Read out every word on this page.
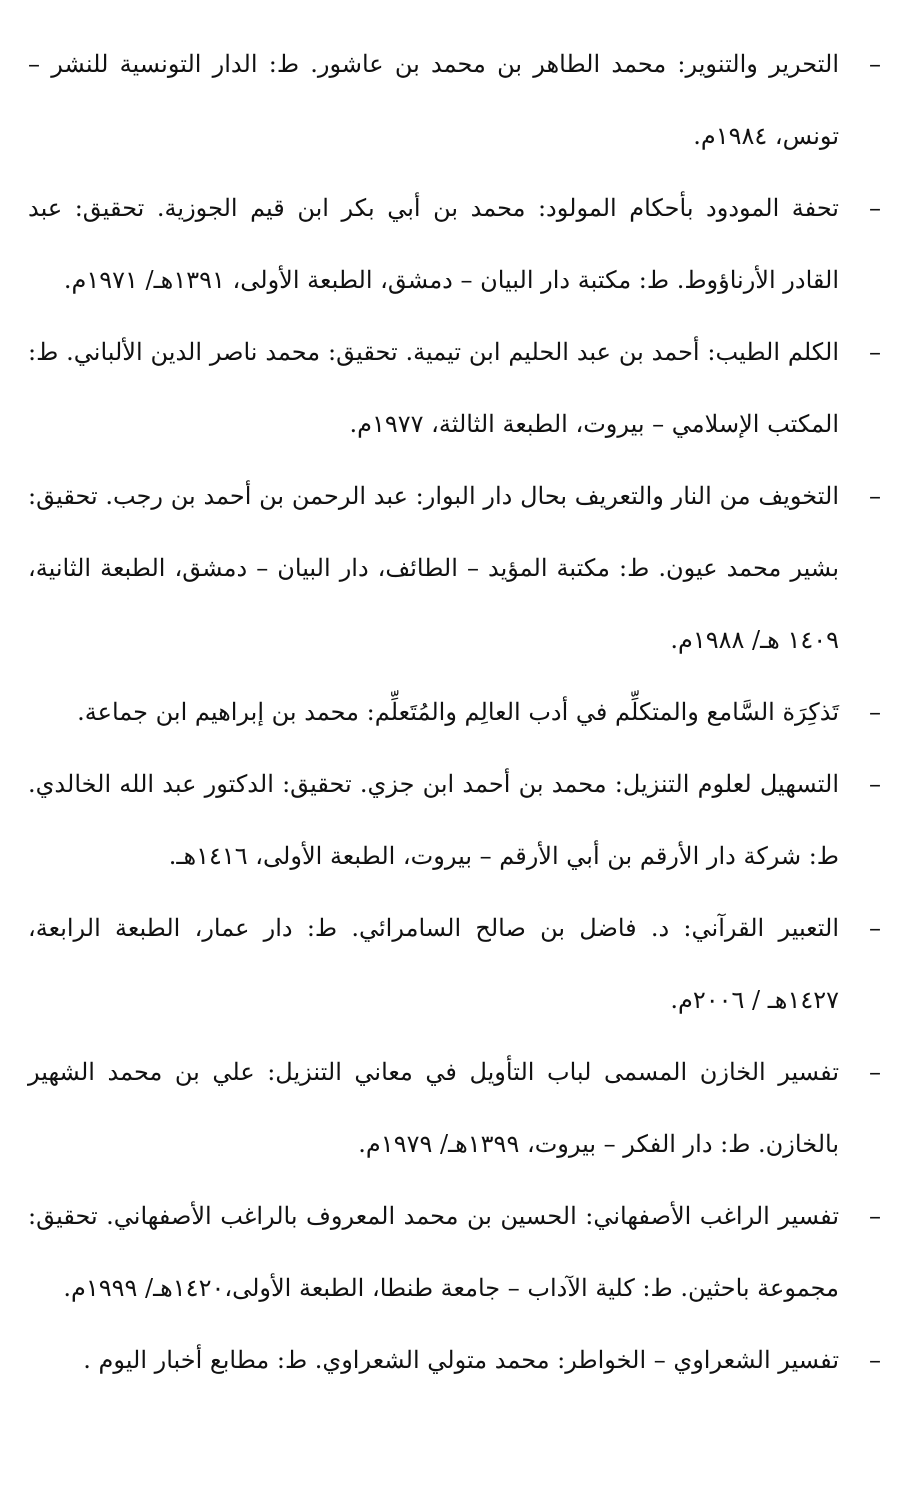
–
التحرير والتنوير: محمد الطاهر بن محمد بن عاشور. ط: الدار التونسية للنشر – تونس، ١٩٨٤م.
–
تحفة المودود بأحكام المولود: محمد بن أبي بكر ابن قيم الجوزية. تحقيق: عبد القادر الأرناؤوط. ط: مكتبة دار البيان – دمشق، الطبعة الأولى، ١٣٩١هـ/ ١٩٧١م.
–
الكلم الطيب: أحمد بن عبد الحليم ابن تيمية. تحقيق: محمد ناصر الدين الألباني. ط: المكتب الإسلامي – بيروت، الطبعة الثالثة، ١٩٧٧م.
–
التخويف من النار والتعريف بحال دار البوار: عبد الرحمن بن أحمد بن رجب. تحقيق: بشير محمد عيون. ط: مكتبة المؤيد – الطائف، دار البيان – دمشق، الطبعة الثانية، ١٤٠٩ هـ/ ١٩٨٨م.
–
تَذكِرَة السَّامع والمتكلِّم في أدب العالِم والمُتَعلِّم: محمد بن إبراهيم ابن جماعة.
–
التسهيل لعلوم التنزيل: محمد بن أحمد ابن جزي. تحقيق: الدكتور عبد الله الخالدي. ط: شركة دار الأرقم بن أبي الأرقم – بيروت، الطبعة الأولى، ١٤١٦هـ.
–
التعبير القرآني: د. فاضل بن صالح السامرائي. ط: دار عمار، الطبعة الرابعة، ١٤٢٧هـ / ٢٠٠٦م.
–
تفسير الخازن المسمى لباب التأويل في معاني التنزيل: علي بن محمد الشهير بالخازن. ط: دار الفكر – بيروت، ١٣٩٩هـ/ ١٩٧٩م.
–
تفسير الراغب الأصفهاني: الحسين بن محمد المعروف بالراغب الأصفهاني. تحقيق: مجموعة باحثين. ط: كلية الآداب – جامعة طنطا، الطبعة الأولى،١٤٢٠هـ/ ١٩٩٩م.
–
تفسير الشعراوي – الخواطر: محمد متولي الشعراوي. ط: مطابع أخبار اليوم .
